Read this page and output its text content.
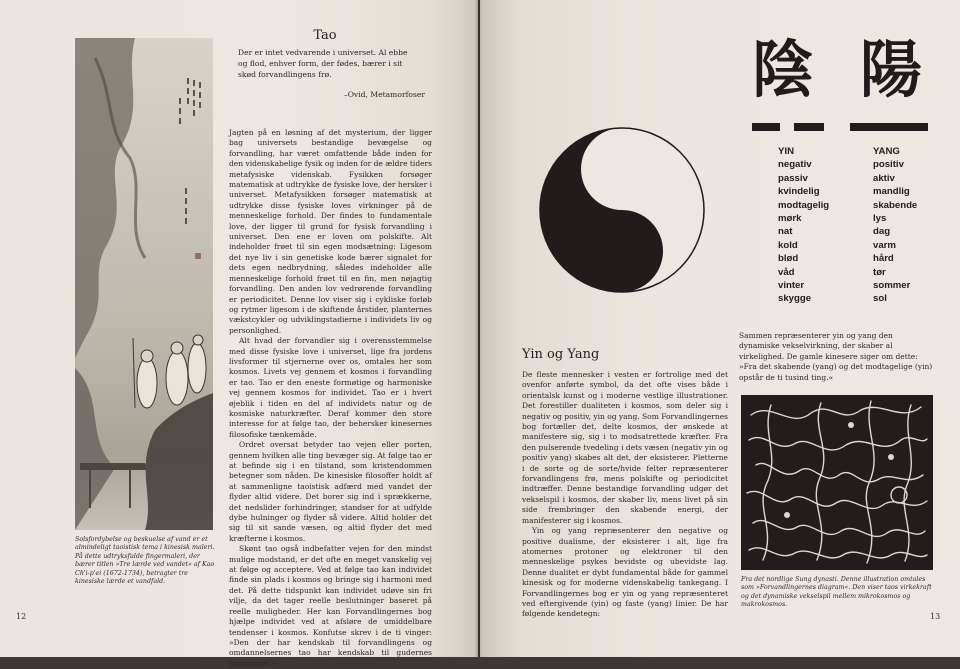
Solsfordybelse og beskuelse af vand er et almindeligt taoistisk tema i kinesisk maleri. På dette udtryksfulde fingermaleri, der bærer titlen »Tre lærde ved vandet« af Kao Ch'i-p'ei (1672-1734), betragter tre kinesiske lærde et vandfald.
Tao
Der er intet vedvarende i universet. Al ebbe og flod, enhver form, der fødes, bærer i sit skød forvandlingens frø.
–Ovid, Metamorfoser

Jagten på en løsning af det mysterium, der ligger bag universets bestandige bevægelse og forvandling, har været omfattende både inden for den videnskabelige fysik og inden for de ældre tiders metafysiske videnskab. Fysikken forsøger matematisk at udtrykke de fysiske love, der hersker i universet. Metafysikken forsøger matematisk at udtrykke disse fysiske loves virkninger på de menneskelige forhold. Der findes to fundamentale love, der ligger til grund for fysisk forvandling i universet. Den ene er loven om polskifte. Alt indeholder frøet til sin egen modsætning: Ligesom det nye liv i sin genetiske kode bærer signalet for dets egen nedbrydning, således indeholder alle menneskelige forhold frøet til en fin, men nøjagtig forvandling. Den anden lov vedrørende forvandling er periodicitet. Denne lov viser sig i cykliske forløb og rytmer ligesom i de skiftende årstider, planternes vækstcykler og udviklingstadierne i individets liv og personlighed.

Alt hvad der forvandler sig i overensstemmelse med disse fysiske love i universet, lige fra jordens livsformer til stjernerne over os, omtales her som kosmos. Livets vej gennem et kosmos i forvandling er tao. Tao er den eneste formøtige og harmoniske vej gennem kosmos for individet. Tao er i hvert øjeblik i tiden en del af individets natur og de kosmiske naturkræfter. Deraf kommer den store interesse for at følge tao, der behersker kinesernes filosofiske tænkemåde.

Ordret oversat betyder tao vejen eller porten, gennem hvilken alle ting bevæger sig. At følge tao er at befinde sig i en tilstand, som kristendommen betegner som nåden. De kinesiske filosoffer holdt af at sammenligne taoistisk adfærd med vandet der flyder altid videre. Det borer sig ind i sprækkerne, det nedslider forhindringer, standser for at udfylde dybe hulninger og flyder så videre. Altid holder det sig til sit sande væsen, og altid flyder det med kræfterne i kosmos.

Skønt tao også indbefatter vejen for den mindst mulige modstand, er det ofte en meget vanskelig vej at følge og acceptere. Ved at følge tao kan individet finde sin plads i kosmos og bringe sig i harmoni med det. På dette tidspunkt kan individet udøve sin fri vilje, da det tager reelle beslutninger baseret på reelle muligheder. Her kan Forvandlingernes bog hjælpe individet ved at afsløre de umiddelbare tendenser i kosmos. Konfutse skrev i de ti vinger: »Den der har kendskab til forvandlingens og omdannelsernes tao har kendskab til gudernes handlinger.«

12
陰 陽
YIN
negativ
passiv
kvindelig
modtagelig
mørk
nat
kold
blød
våd
vinter
skygge
YANG
positiv
aktiv
mandlig
skabende
lys
dag
varm
hård
tør
sommer
sol
Yin og Yang

De fleste mennesker i vesten er fortrolige med det ovenfor anførte symbol, da det ofte vises både i orientalsk kunst og i moderne vestlige illustrationer. Det forestiller dualiteten i kosmos, som deler sig i negativ og positiv, yin og yang. Som Forvandlingernes bog fortæller det, delte kosmos, der ønskede at manifestere sig, sig i to modsatrettede kræfter. Fra den pulserende tvedeling i dets væsen (negativ yin og positiv yang) skabes alt det, der eksisterer. Pletterne i de sorte og de sorte/hvide felter repræsenterer forvandlingens frø, mens polskifte og periodicitet indtræffer. Denne bestandige forvandling udgør det vekselspil i kosmos, der skaber liv, mens livet på sin side frembringer den skabende energi, der manifesterer sig i kosmos.

Yin og yang repræsenterer den negative og positive dualisme, der eksisterer i alt, lige fra atomernes protoner og elektroner til den menneskelige psykes bevidste og ubevidste lag. Denne dualitet er dybt fundamental både for gammel kinesisk og for moderne videnskabelig tankegang. I Forvandlingernes bog er yin og yang repræsenteret ved eftergivende (yin) og faste (yang) linier. De har følgende kendetegn:

Sammen repræsenterer yin og yang den dynamiske vekselvirkning, der skaber al virkelighed. De gamle kinesere siger om dette: »Fra det skabende (yang) og det modtagelige (yin) opstår de ti tusind ting.«
Fra det nordlige Sung dynasti. Denne illustration omtales som »Forvandlingernes diagram«. Den viser taos virkekraft og det dynamiske vekselspil mellem mikrokosmos og makrokosmos.
13
